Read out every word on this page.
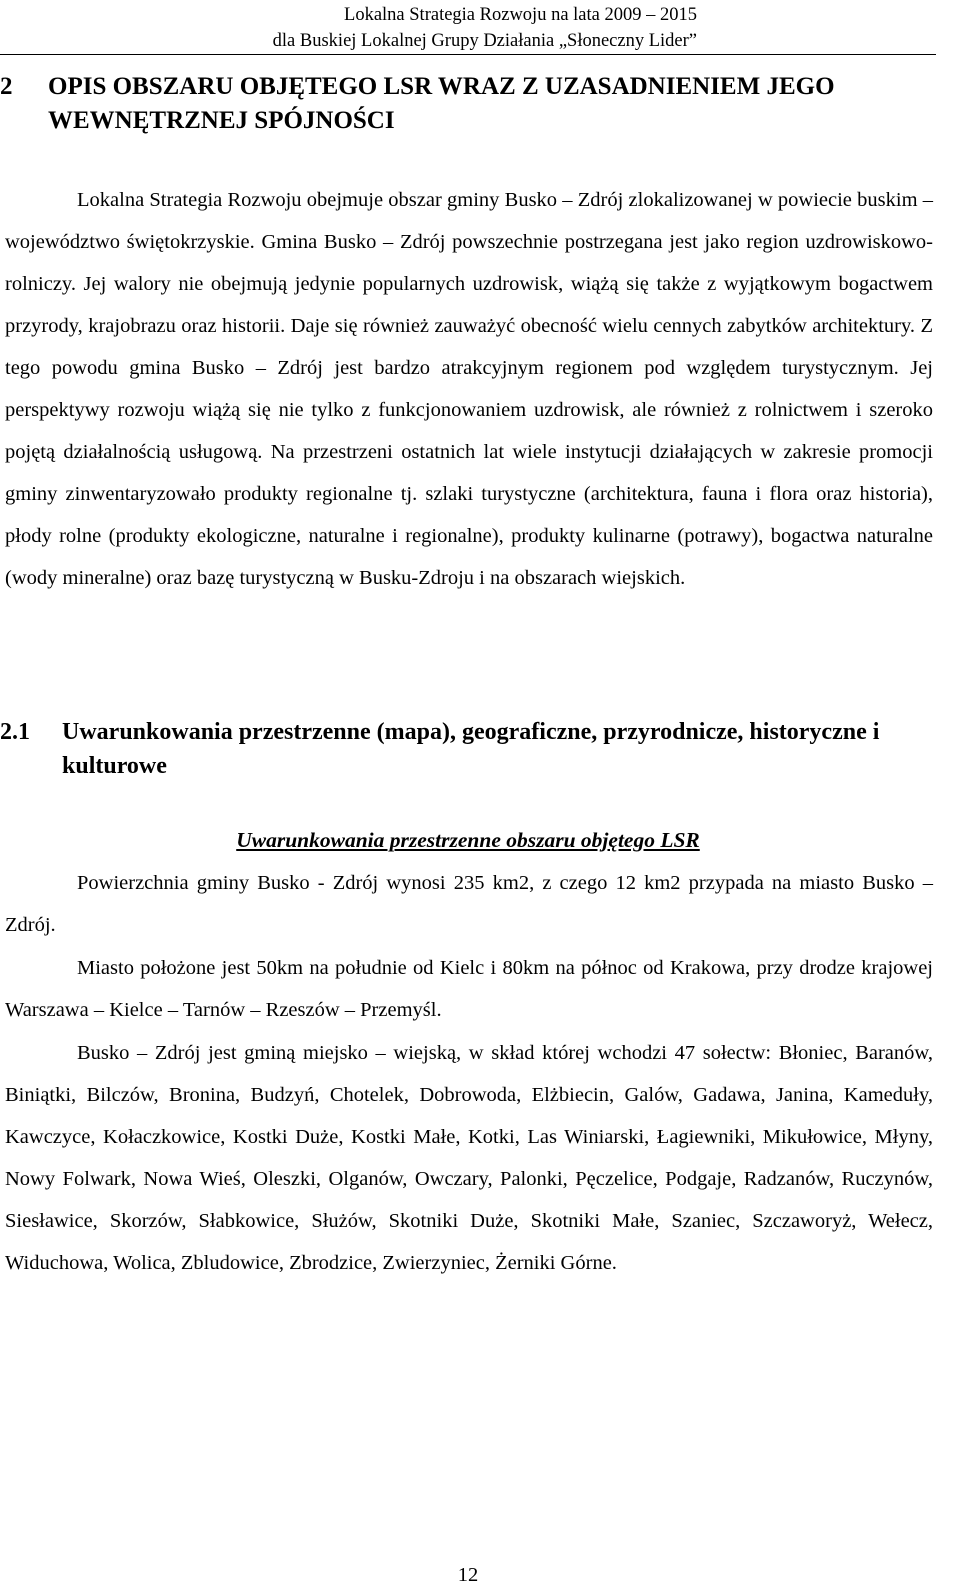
Lokalna Strategia Rozwoju na lata 2009 – 2015
dla Buskiej Lokalnej Grupy Działania „Słoneczny Lider”
2 OPIS OBSZARU OBJĘTEGO LSR WRAZ Z UZASADNIENIEM JEGO WEWNĘTRZNEJ SPÓJNOŚCI

Lokalna Strategia Rozwoju obejmuje obszar gminy Busko – Zdrój zlokalizowanej w powiecie buskim – województwo świętokrzyskie. Gmina Busko – Zdrój powszechnie postrzegana jest jako region uzdrowiskowo-rolniczy. Jej walory nie obejmują jedynie popularnych uzdrowisk, wiążą się także z wyjątkowym bogactwem przyrody, krajobrazu oraz historii. Daje się również zauważyć obecność wielu cennych zabytków architektury. Z tego powodu gmina Busko – Zdrój jest bardzo atrakcyjnym regionem pod względem turystycznym. Jej perspektywy rozwoju wiążą się nie tylko z funkcjonowaniem uzdrowisk, ale również z rolnictwem i szeroko pojętą działalnością usługową. Na przestrzeni ostatnich lat wiele instytucji działających w zakresie promocji gminy zinwentaryzowało produkty regionalne tj. szlaki turystyczne (architektura, fauna i flora oraz historia), płody rolne (produkty ekologiczne, naturalne i regionalne), produkty kulinarne (potrawy), bogactwa naturalne (wody mineralne) oraz bazę turystyczną w Busku-Zdroju i na obszarach wiejskich.

2.1 Uwarunkowania przestrzenne (mapa), geograficzne, przyrodnicze, historyczne i kulturowe
Uwarunkowania przestrzenne obszaru objętego LSR

Powierzchnia gminy Busko - Zdrój wynosi 235 km2, z czego 12 km2 przypada na miasto Busko – Zdrój.

Miasto położone jest 50km na południe od Kielc i 80km na północ od Krakowa, przy drodze krajowej Warszawa – Kielce – Tarnów – Rzeszów – Przemyśl.

Busko – Zdrój jest gminą miejsko – wiejską, w skład której wchodzi 47 sołectw: Błoniec, Baranów, Biniątki, Bilczów, Bronina, Budzyń, Chotelek, Dobrowoda, Elżbiecin, Galów, Gadawa, Janina, Kameduły, Kawczyce, Kołaczkowice, Kostki Duże, Kostki Małe, Kotki, Las Winiarski, Łagiewniki, Mikułowice, Młyny, Nowy Folwark, Nowa Wieś, Oleszki, Olganów, Owczary, Palonki, Pęczelice, Podgaje, Radzanów, Ruczynów, Siesławice, Skorzów, Słabkowice, Służów, Skotniki Duże, Skotniki Małe, Szaniec, Szczaworyż, Wełecz, Widuchowa, Wolica, Zbludowice, Zbrodzice, Zwierzyniec, Żerniki Górne.

12
